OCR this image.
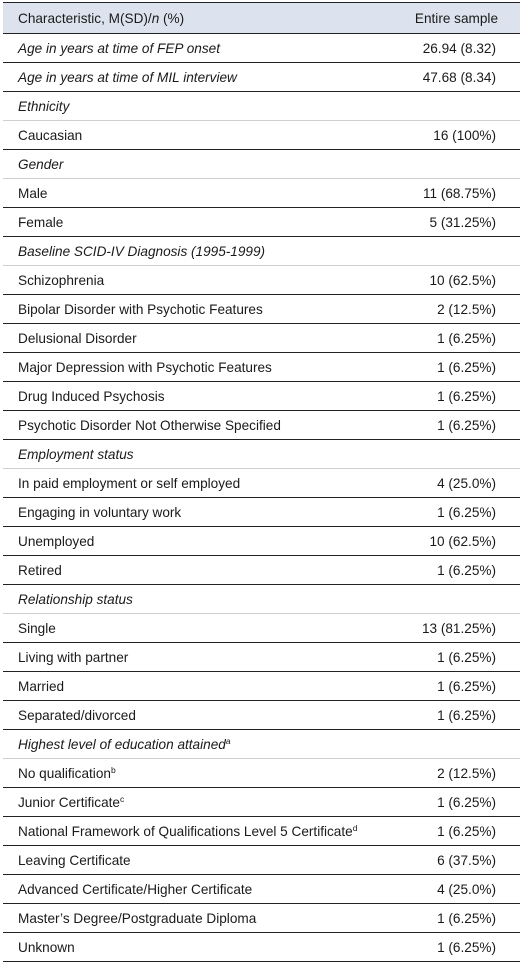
Characteristic, M(SD)/n (%)	Entire sample
Age in years at time of FEP onset	26.94 (8.32)
Age in years at time of MIL interview	47.68 (8.34)
Ethnicity	
Caucasian	16 (100%)
Gender	
Male	11 (68.75%)
Female	5 (31.25%)
Baseline SCID-IV Diagnosis (1995-1999)	
Schizophrenia	10 (62.5%)
Bipolar Disorder with Psychotic Features	2 (12.5%)
Delusional Disorder	1 (6.25%)
Major Depression with Psychotic Features	1 (6.25%)
Drug Induced Psychosis	1 (6.25%)
Psychotic Disorder Not Otherwise Specified	1 (6.25%)
Employment status	
In paid employment or self employed	4 (25.0%)
Engaging in voluntary work	1 (6.25%)
Unemployed	10 (62.5%)
Retired	1 (6.25%)
Relationship status	
Single	13 (81.25%)
Living with partner	1 (6.25%)
Married	1 (6.25%)
Separated/divorced	1 (6.25%)
Highest level of education attained$^a$	
No qualification$^b$	2 (12.5%)
Junior Certificate$^c$	1 (6.25%)
National Framework of Qualifications Level 5 Certificate$^d$	1 (6.25%)
Leaving Certificate	6 (37.5%)
Advanced Certificate/Higher Certificate	4 (25.0%)
Master’s Degree/Postgraduate Diploma	1 (6.25%)
Unknown	1 (6.25%)
